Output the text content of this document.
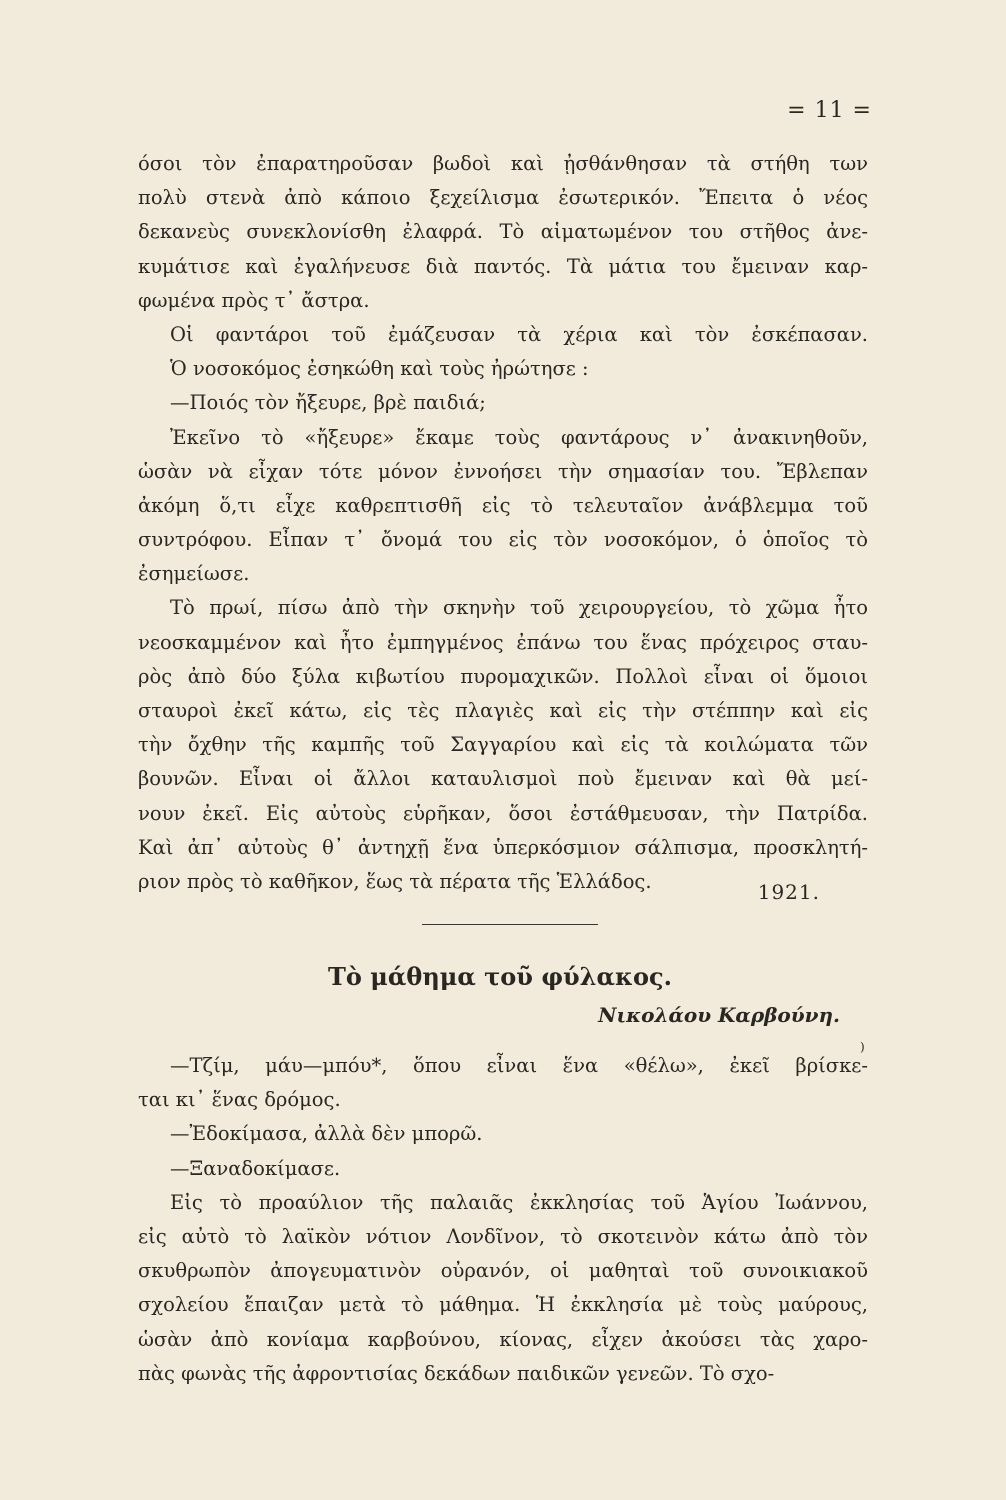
= 11 =
όσοι τὸν ἐπαρατηροῦσαν βωδοὶ καὶ ᾐσθάνθησαν τὰ στήθη των
πολὺ στενὰ ἀπὸ κάποιο ξεχείλισμα ἐσωτερικόν. Ἔπειτα ὁ νέος
δεκανεὺς συνεκλονίσθη ἐλαφρά. Τὸ αἱματωμένον του στῆθος ἀνε-
κυμάτισε καὶ ἐγαλήνευσε διὰ παντός. Τὰ μάτια του ἔμειναν καρ-
φωμένα πρὸς τ᾽ ἄστρα.
Οἱ φαντάροι τοῦ ἐμάζευσαν τὰ χέρια καὶ τὸν ἐσκέπασαν.
Ὁ νοσοκόμος ἐσηκώθη καὶ τοὺς ἠρώτησε :
—Ποιός τὸν ἤξευρε, βρὲ παιδιά;
Ἐκεῖνο τὸ «ἤξευρε» ἔκαμε τοὺς φαντάρους ν᾽ ἀνακινηθοῦν,
ὡσὰν νὰ εἶχαν τότε μόνον ἐννοήσει τὴν σημασίαν του. Ἔβλεπαν
ἀκόμη ὅ,τι εἶχε καθρεπτισθῆ εἰς τὸ τελευταῖον ἀνάβλεμμα τοῦ
συντρόφου. Εἶπαν τ᾽ ὄνομά του εἰς τὸν νοσοκόμον, ὁ ὁποῖος τὸ
ἐσημείωσε.
Τὸ πρωί, πίσω ἀπὸ τὴν σκηνὴν τοῦ χειρουργείου, τὸ χῶμα ἦτο
νεοσκαμμένον καὶ ἦτο ἐμπηγμένος ἐπάνω του ἕνας πρόχειρος σταυ-
ρὸς ἀπὸ δύο ξύλα κιβωτίου πυρομαχικῶν. Πολλοὶ εἶναι οἱ ὅμοιοι
σταυροὶ ἐκεῖ κάτω, εἰς τὲς πλαγιὲς καὶ εἰς τὴν στέππην καὶ εἰς
τὴν ὄχθην τῆς καμπῆς τοῦ Σαγγαρίου καὶ εἰς τὰ κοιλώματα τῶν
βουνῶν. Εἶναι οἱ ἄλλοι καταυλισμοὶ ποὺ ἔμειναν καὶ θὰ μεί-
νουν ἐκεῖ. Εἰς αὐτοὺς εὑρῆκαν, ὅσοι ἐστάθμευσαν, τὴν Πατρίδα.
Καὶ ἀπ᾽ αὐτοὺς θ᾽ ἀντηχῇ ἕνα ὑπερκόσμιον σάλπισμα, προσκλητή-
ριον πρὸς τὸ καθῆκον, ἕως τὰ πέρατα τῆς Ἑλλάδος.	1921.
Τὸ μάθημα τοῦ φύλακος.
Νικολάου Καρβούνη.
)
—Τζίμ, μάυ—μπόυ*, ὅπου εἶναι ἕνα «θέλω», ἐκεῖ βρίσκε-
ται κι᾽ ἕνας δρόμος.
—Ἐδοκίμασα, ἀλλὰ δὲν μπορῶ.
—Ξαναδοκίμασε.
Εἰς τὸ προαύλιον τῆς παλαιᾶς ἐκκλησίας τοῦ Ἁγίου Ἰωάννου,
εἰς αὐτὸ τὸ λαϊκὸν νότιον Λονδῖνον, τὸ σκοτεινὸν κάτω ἀπὸ τὸν
σκυθρωπὸν ἀπογευματινὸν οὐρανόν, οἱ μαθηταὶ τοῦ συνοικιακοῦ
σχολείου ἔπαιζαν μετὰ τὸ μάθημα. Ἡ ἐκκλησία μὲ τοὺς μαύρους,
ὡσὰν ἀπὸ κονίαμα καρβούνου, κίονας, εἶχεν ἀκούσει τὰς χαρο-
πὰς φωνὰς τῆς ἀφροντισίας δεκάδων παιδικῶν γενεῶν. Τὸ σχο-
